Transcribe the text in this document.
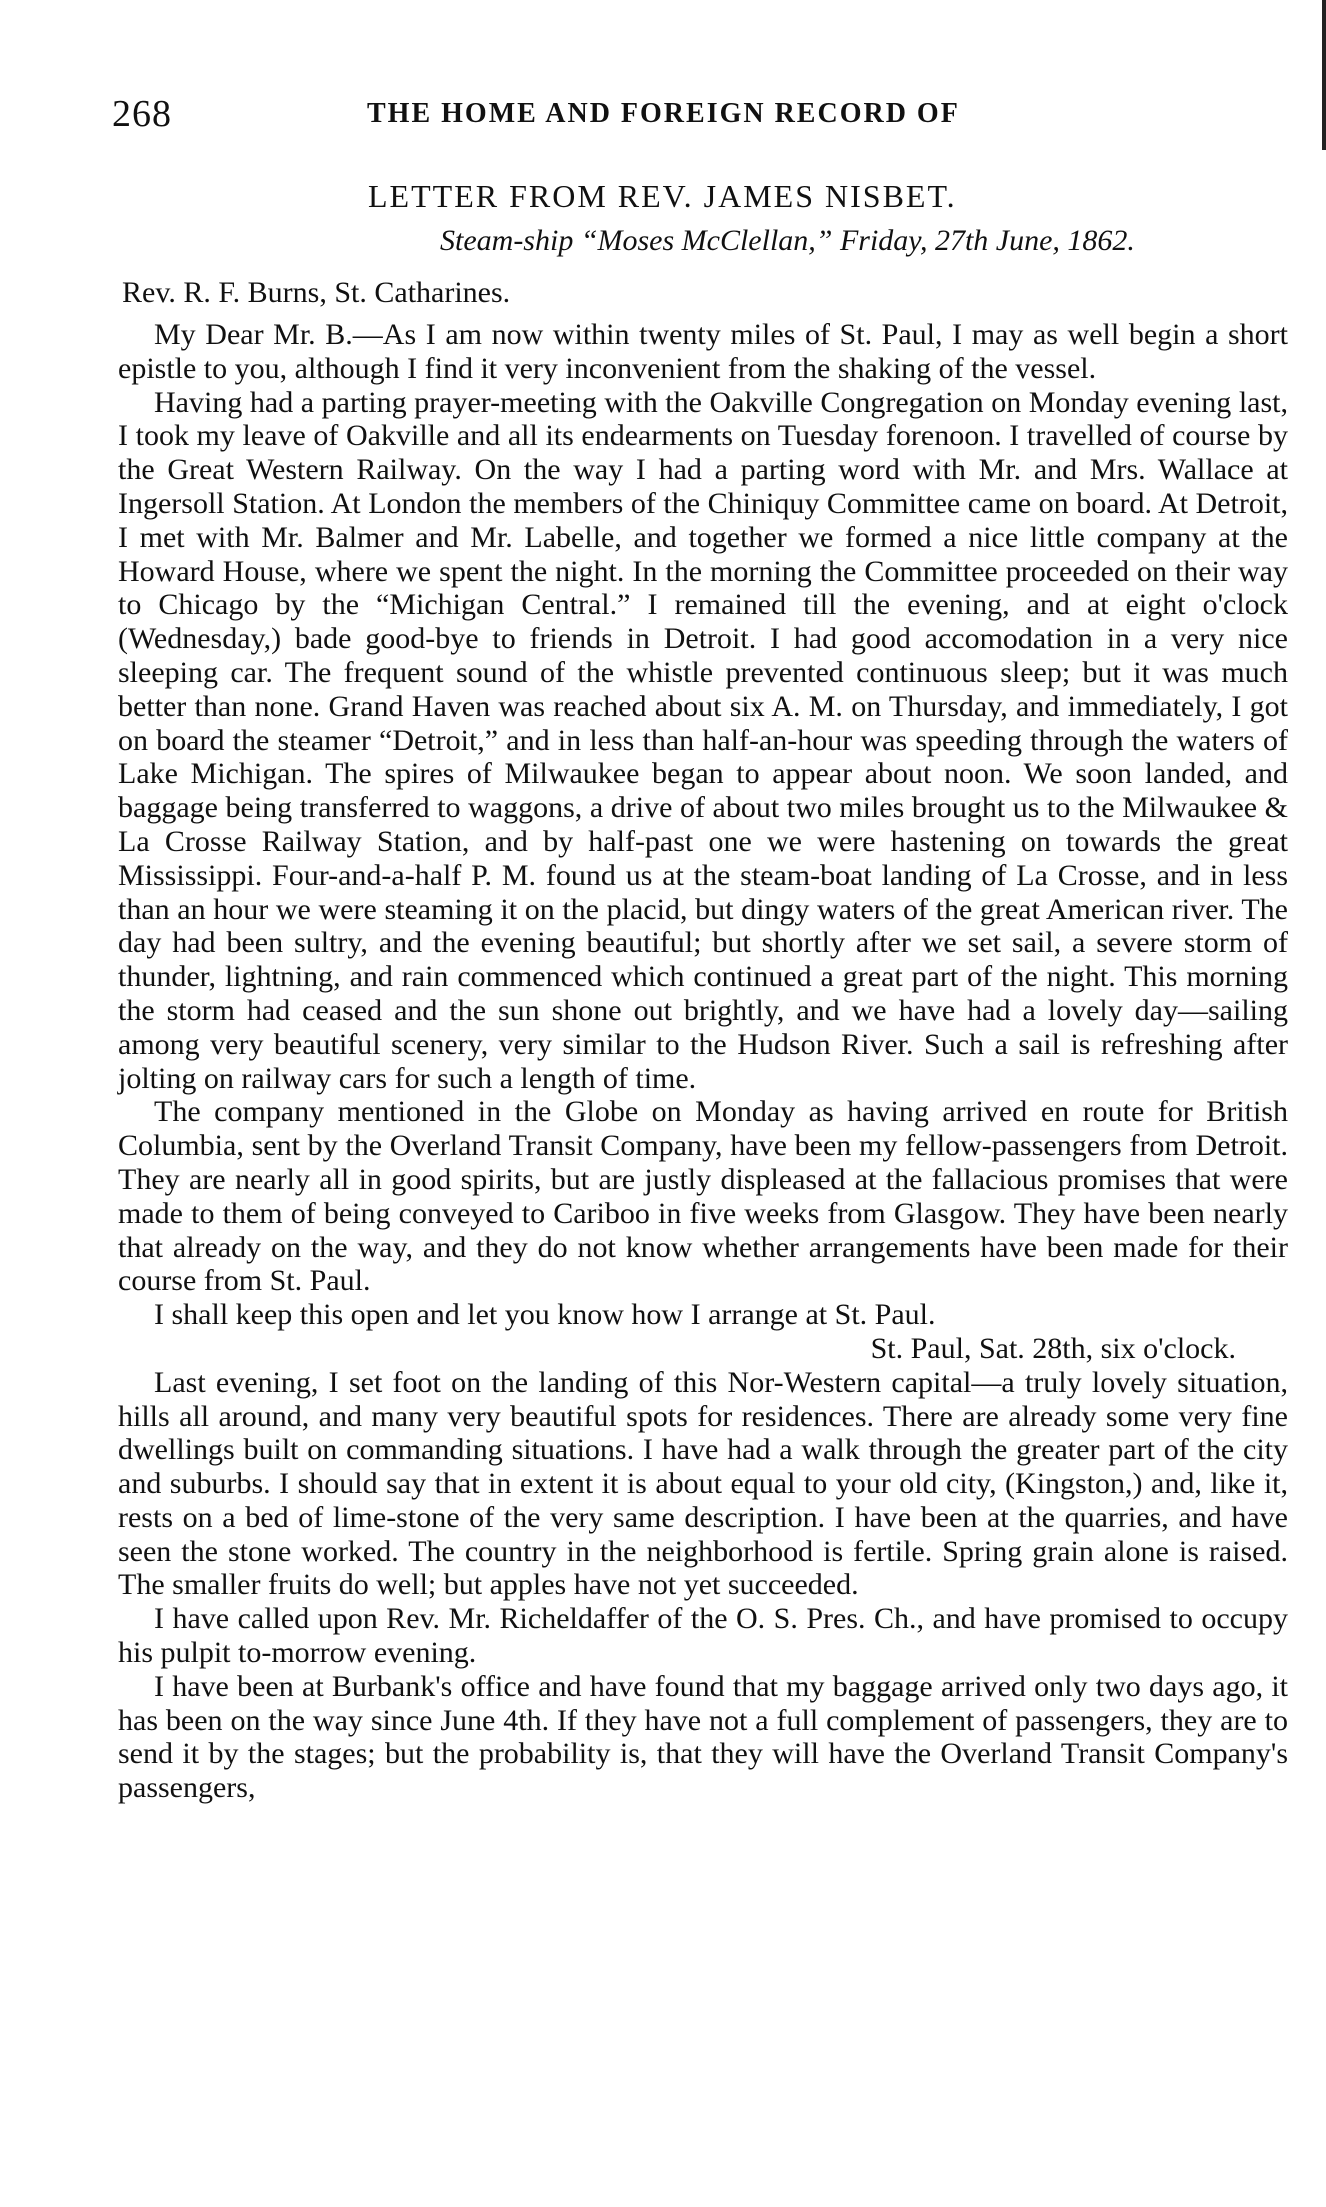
268	THE HOME AND FOREIGN RECORD OF
LETTER FROM REV. JAMES NISBET.
Steam-ship “Moses McClellan,” Friday, 27th June, 1862.
Rev. R. F. Burns, St. Catharines.

My Dear Mr. B.—As I am now within twenty miles of St. Paul, I may as well begin a short epistle to you, although I find it very inconvenient from the shaking of the vessel.

Having had a parting prayer-meeting with the Oakville Congregation on Monday evening last, I took my leave of Oakville and all its endearments on Tuesday forenoon. I travelled of course by the Great Western Railway. On the way I had a parting word with Mr. and Mrs. Wallace at Ingersoll Station. At London the members of the Chiniquy Committee came on board. At Detroit, I met with Mr. Balmer and Mr. Labelle, and together we formed a nice little company at the Howard House, where we spent the night. In the morning the Committee proceeded on their way to Chicago by the “Michigan Central.” I remained till the evening, and at eight o'clock (Wednesday,) bade good-bye to friends in Detroit. I had good accomodation in a very nice sleeping car. The frequent sound of the whistle prevented continuous sleep; but it was much better than none. Grand Haven was reached about six A. M. on Thursday, and immediately, I got on board the steamer “Detroit,” and in less than half-an-hour was speeding through the waters of Lake Michigan. The spires of Milwaukee began to appear about noon. We soon landed, and baggage being transferred to waggons, a drive of about two miles brought us to the Milwaukee & La Crosse Railway Station, and by half-past one we were hastening on towards the great Mississippi. Four-and-a-half P. M. found us at the steam-boat landing of La Crosse, and in less than an hour we were steaming it on the placid, but dingy waters of the great American river. The day had been sultry, and the evening beautiful; but shortly after we set sail, a severe storm of thunder, lightning, and rain commenced which continued a great part of the night. This morning the storm had ceased and the sun shone out brightly, and we have had a lovely day—sailing among very beautiful scenery, very similar to the Hudson River. Such a sail is refreshing after jolting on railway cars for such a length of time.

The company mentioned in the Globe on Monday as having arrived en route for British Columbia, sent by the Overland Transit Company, have been my fellow-passengers from Detroit. They are nearly all in good spirits, but are justly displeased at the fallacious promises that were made to them of being conveyed to Cariboo in five weeks from Glasgow. They have been nearly that already on the way, and they do not know whether arrangements have been made for their course from St. Paul.

I shall keep this open and let you know how I arrange at St. Paul.

St. Paul, Sat. 28th, six o'clock.

Last evening, I set foot on the landing of this Nor-Western capital—a truly lovely situation, hills all around, and many very beautiful spots for residences. There are already some very fine dwellings built on commanding situations. I have had a walk through the greater part of the city and suburbs. I should say that in extent it is about equal to your old city, (Kingston,) and, like it, rests on a bed of lime-stone of the very same description. I have been at the quarries, and have seen the stone worked. The country in the neighborhood is fertile. Spring grain alone is raised. The smaller fruits do well; but apples have not yet succeeded.

I have called upon Rev. Mr. Richeldaffer of the O. S. Pres. Ch., and have promised to occupy his pulpit to-morrow evening.

I have been at Burbank's office and have found that my baggage arrived only two days ago, it has been on the way since June 4th. If they have not a full complement of passengers, they are to send it by the stages; but the probability is, that they will have the Overland Transit Company's passengers,
